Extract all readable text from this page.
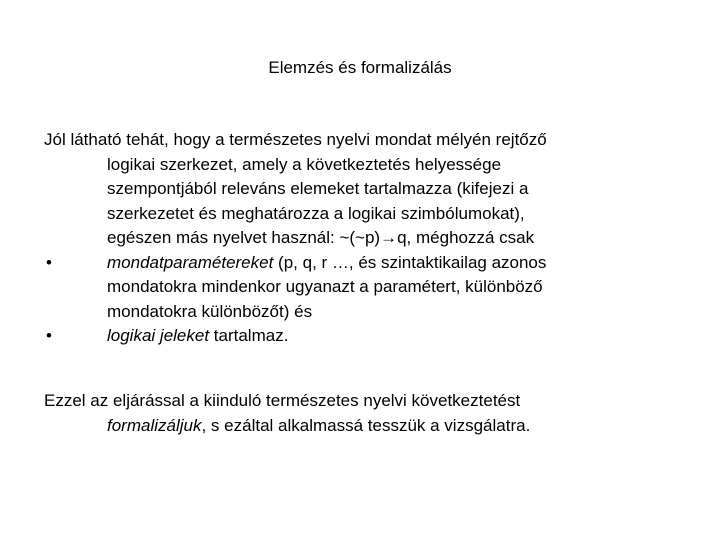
Elemzés és formalizálás
Jól látható tehát, hogy a természetes nyelvi mondat mélyén rejtőző
logikai szerkezet, amely a következtetés helyessége
szempontjából releváns elemeket tartalmazza (kifejezi a
szerkezetet és meghatározza a logikai szimbólumokat),
egészen más nyelvet használ: ~(~p)→q, méghozzá csak
•	mondatparamétereket (p, q, r …, és szintaktikailag azonos
mondatokra mindenkor ugyanazt a paramétert, különböző
mondatokra különbözőt) és
•	logikai jeleket tartalmaz.
Ezzel az eljárással a kiinduló természetes nyelvi következtetést
formalizáljuk, s ezáltal alkalmassá tesszük a vizsgálatra.
